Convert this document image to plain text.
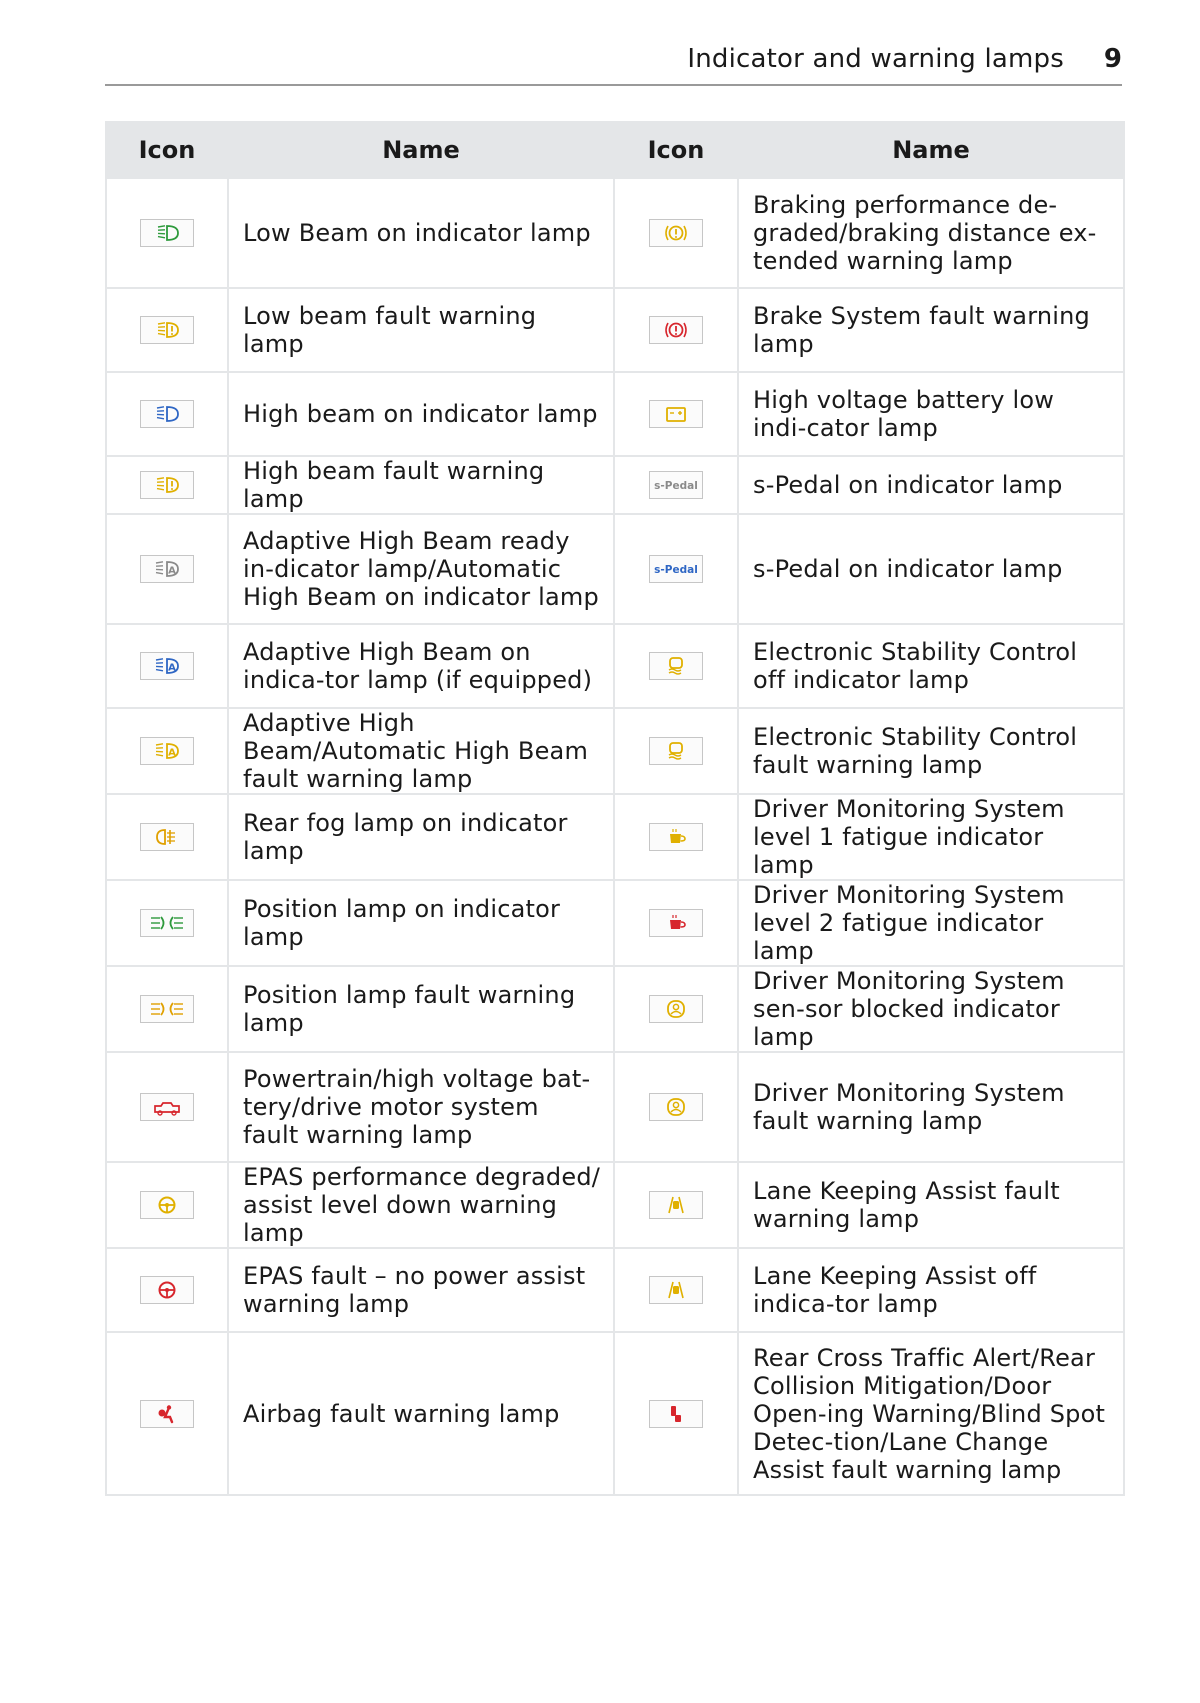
Indicator and warning lamps 9
Icon	Name	Icon	Name

	Low Beam on indicator lamp		Braking performance de-graded/braking distance ex-tended warning lamp

	Low beam fault warning lamp		Brake System fault warning lamp

	High beam on indicator lamp		High voltage battery low indi-cator lamp

	High beam fault warning lamp	s-Pedal	s-Pedal on indicator lamp

A	Adaptive High Beam ready in-dicator lamp/Automatic High Beam on indicator lamp	s-Pedal	s-Pedal on indicator lamp

A	Adaptive High Beam on indica-tor lamp (if equipped)		Electronic Stability Control off indicator lamp

A	Adaptive High Beam/Automatic High Beam fault warning lamp		Electronic Stability Control fault warning lamp

	Rear fog lamp on indicator lamp		Driver Monitoring System level 1 fatigue indicator lamp

	Position lamp on indicator lamp		Driver Monitoring System level 2 fatigue indicator lamp

	Position lamp fault warning lamp		Driver Monitoring System sen-sor blocked indicator lamp

	Powertrain/high voltage bat-tery/drive motor system fault warning lamp		Driver Monitoring System fault warning lamp

	EPAS performance degraded/ assist level down warning lamp		Lane Keeping Assist fault warning lamp

	EPAS fault – no power assist warning lamp		Lane Keeping Assist off indica-tor lamp

	Airbag fault warning lamp		Rear Cross Traffic Alert/Rear Collision Mitigation/Door Open-ing Warning/Blind Spot Detec-tion/Lane Change Assist fault warning lamp
